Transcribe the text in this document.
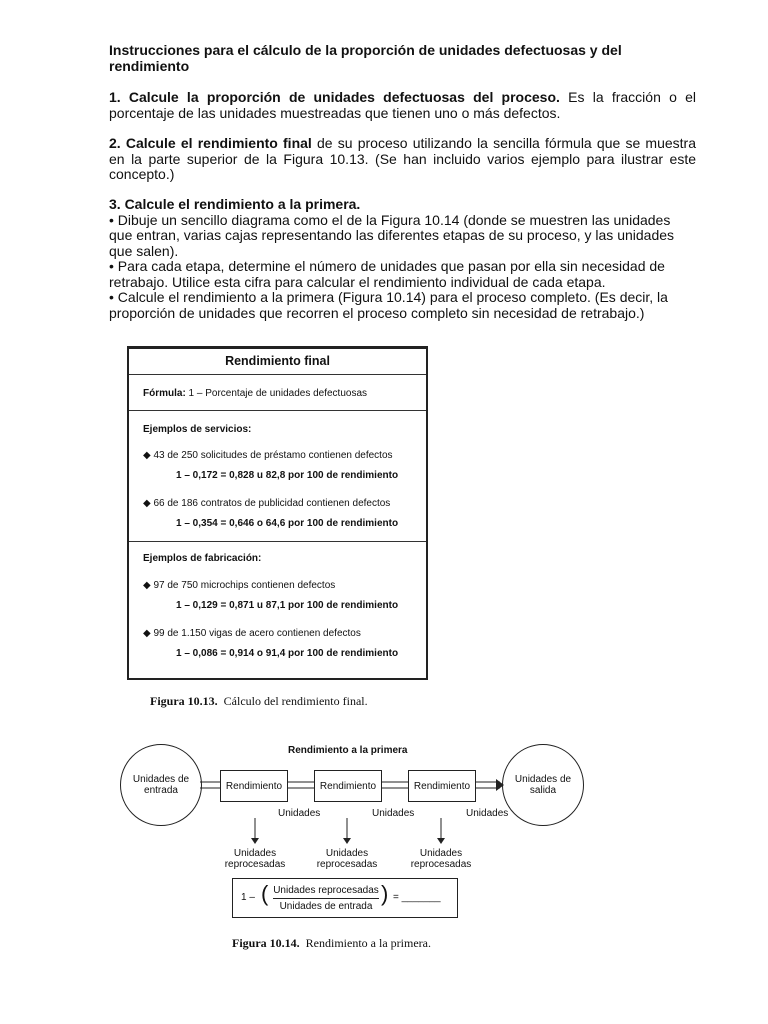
Instrucciones para el cálculo de la proporción de unidades defectuosas y del rendimiento

1. Calcule la proporción de unidades defectuosas del proceso. Es la fracción o el porcentaje de las unidades muestreadas que tienen uno o más defectos.

2. Calcule el rendimiento final de su proceso utilizando la sencilla fórmula que se muestra en la parte superior de la Figura 10.13. (Se han incluido varios ejemplo para ilustrar este concepto.)

3. Calcule el rendimiento a la primera.
• Dibuje un sencillo diagrama como el de la Figura 10.14 (donde se muestren las unidades que entran, varias cajas representando las diferentes etapas de su proceso, y las unidades que salen).
• Para cada etapa, determine el número de unidades que pasan por ella sin necesidad de retrabajo. Utilice esta cifra para calcular el rendimiento individual de cada etapa.
• Calcule el rendimiento a la primera (Figura 10.14) para el proceso completo. (Es decir, la proporción de unidades que recorren el proceso completo sin necesidad de retrabajo.)
Rendimiento final
Fórmula: 1 – Porcentaje de unidades defectuosas
Ejemplos de servicios:
◆ 43 de 250 solicitudes de préstamo contienen defectos
1 – 0,172 = 0,828 u 82,8 por 100 de rendimiento
◆ 66 de 186 contratos de publicidad contienen defectos
1 – 0,354 = 0,646 o 64,6 por 100 de rendimiento
Ejemplos de fabricación:
◆ 97 de 750 microchips contienen defectos
1 – 0,129 = 0,871 u 87,1 por 100 de rendimiento
◆ 99 de 1.150 vigas de acero contienen defectos
1 – 0,086 = 0,914 o 91,4 por 100 de rendimiento
Figura 10.13. Cálculo del rendimiento final.
Rendimiento a la primera
Unidades de entrada
Unidades de salida
Rendimiento	Rendimiento	Rendimiento
Unidades	Unidades	Unidades
Unidades reprocesadas
Unidades reprocesadas
Unidades reprocesadas
1 – ( Unidades reprocesadas
Unidades de entrada
) = _______
Figura 10.14. Rendimiento a la primera.
